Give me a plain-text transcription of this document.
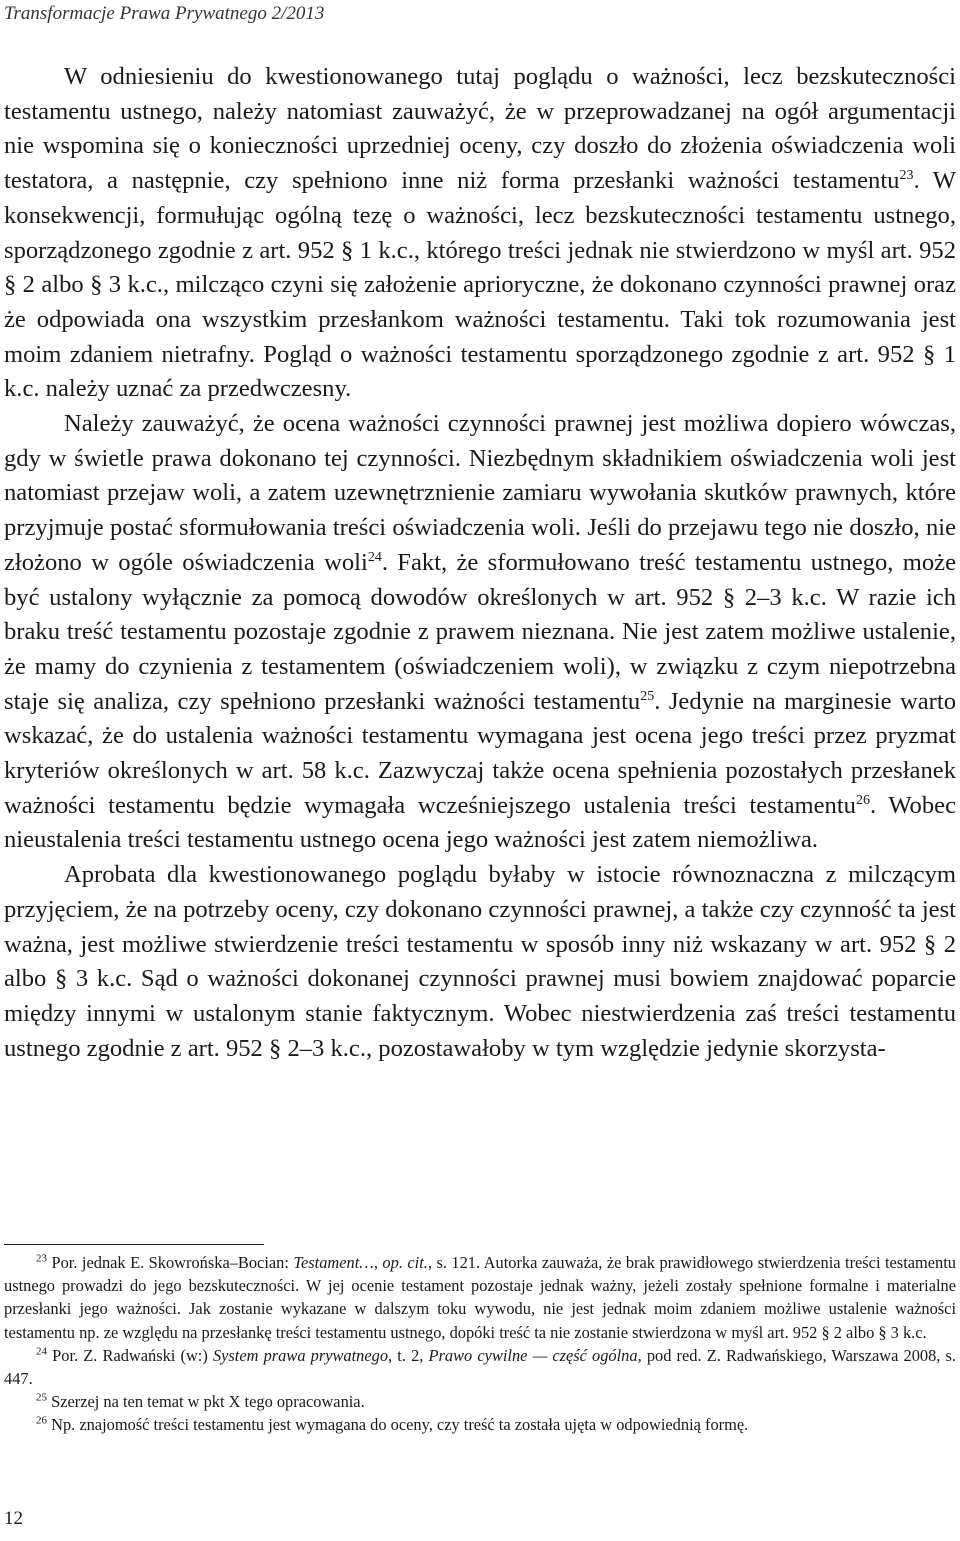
Transformacje Prawa Prywatnego 2/2013

W odniesieniu do kwestionowanego tutaj poglądu o ważności, lecz bezskuteczności testamentu ustnego, należy natomiast zauważyć, że w przeprowadzanej na ogół argumentacji nie wspomina się o konieczności uprzedniej oceny, czy doszło do złożenia oświadczenia woli testatora, a następnie, czy spełniono inne niż forma przesłanki ważności testamentu$^{23}$. W konsekwencji, formułując ogólną tezę o ważności, lecz bezskuteczności testamentu ustnego, sporządzonego zgodnie z art. 952 § 1 k.c., którego treści jednak nie stwierdzono w myśl art. 952 § 2 albo § 3 k.c., milcząco czyni się założenie aprioryczne, że dokonano czynności prawnej oraz że odpowiada ona wszystkim przesłankom ważności testamentu. Taki tok rozumowania jest moim zdaniem nietrafny. Pogląd o ważności testamentu sporządzonego zgodnie z art. 952 § 1 k.c. należy uznać za przedwczesny.

Należy zauważyć, że ocena ważności czynności prawnej jest możliwa dopiero wówczas, gdy w świetle prawa dokonano tej czynności. Niezbędnym składnikiem oświadczenia woli jest natomiast przejaw woli, a zatem uzewnętrznienie zamiaru wywołania skutków prawnych, które przyjmuje postać sformułowania treści oświadczenia woli. Jeśli do przejawu tego nie doszło, nie złożono w ogóle oświadczenia woli$^{24}$. Fakt, że sformułowano treść testamentu ustnego, może być ustalony wyłącznie za pomocą dowodów określonych w art. 952 § 2–3 k.c. W razie ich braku treść testamentu pozostaje zgodnie z prawem nieznana. Nie jest zatem możliwe ustalenie, że mamy do czynienia z testamentem (oświadczeniem woli), w związku z czym niepotrzebna staje się analiza, czy spełniono przesłanki ważności testamentu$^{25}$. Jedynie na marginesie warto wskazać, że do ustalenia ważności testamentu wymagana jest ocena jego treści przez pryzmat kryteriów określonych w art. 58 k.c. Zazwyczaj także ocena spełnienia pozostałych przesłanek ważności testamentu będzie wymagała wcześniejszego ustalenia treści testamentu$^{26}$. Wobec nieustalenia treści testamentu ustnego ocena jego ważności jest zatem niemożliwa.

Aprobata dla kwestionowanego poglądu byłaby w istocie równoznaczna z milczącym przyjęciem, że na potrzeby oceny, czy dokonano czynności prawnej, a także czy czynność ta jest ważna, jest możliwe stwierdzenie treści testamentu w sposób inny niż wskazany w art. 952 § 2 albo § 3 k.c. Sąd o ważności dokonanej czynności prawnej musi bowiem znajdować poparcie między innymi w ustalonym stanie faktycznym. Wobec niestwierdzenia zaś treści testamentu ustnego zgodnie z art. 952 § 2–3 k.c., pozostawałoby w tym względzie jedynie skorzysta-

$^{23}$ Por. jednak E. Skowrońska–Bocian: Testament…, op. cit., s. 121. Autorka zauważa, że brak prawidłowego stwierdzenia treści testamentu ustnego prowadzi do jego bezskuteczności. W jej ocenie testament pozostaje jednak ważny, jeżeli zostały spełnione formalne i materialne przesłanki jego ważności. Jak zostanie wykazane w dalszym toku wywodu, nie jest jednak moim zdaniem możliwe ustalenie ważności testamentu np. ze względu na przesłankę treści testamentu ustnego, dopóki treść ta nie zostanie stwierdzona w myśl art. 952 § 2 albo § 3 k.c.

$^{24}$ Por. Z. Radwański (w:) System prawa prywatnego, t. 2, Prawo cywilne — część ogólna, pod red. Z. Radwańskiego, Warszawa 2008, s. 447.

$^{25}$ Szerzej na ten temat w pkt X tego opracowania.

$^{26}$ Np. znajomość treści testamentu jest wymagana do oceny, czy treść ta została ujęta w odpowiednią formę.

12
